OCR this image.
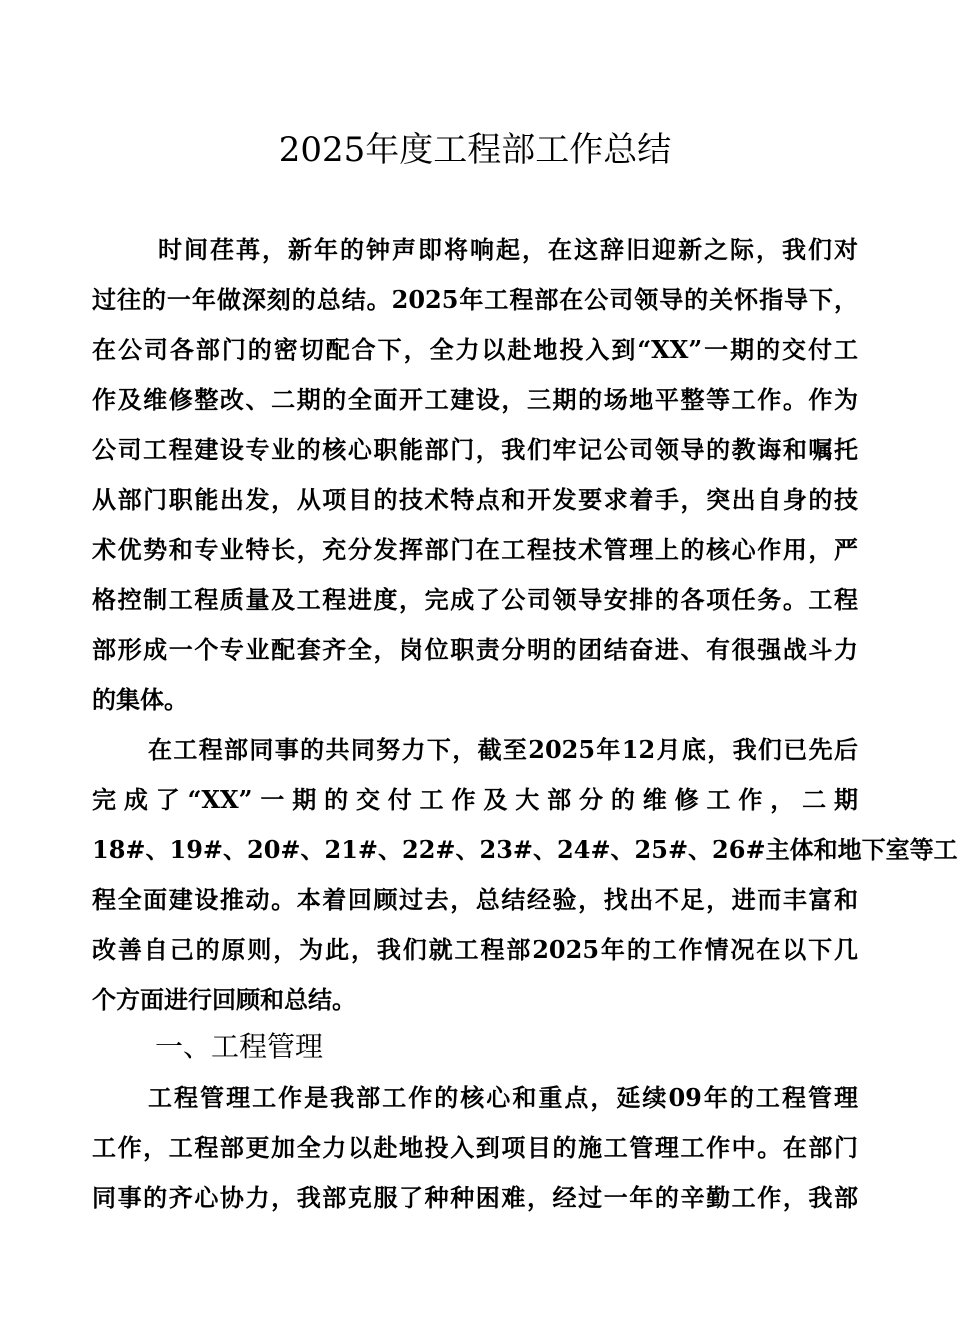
2025年度工程部工作总结
时间荏苒，新年的钟声即将响起，在这辞旧迎新之际，我们对
过往的一年做深刻的总结。2025年工程部在公司领导的关怀指导下，
在公司各部门的密切配合下，全力以赴地投入到“XX”一期的交付工
作及维修整改、二期的全面开工建设，三期的场地平整等工作。作为
公司工程建设专业的核心职能部门，我们牢记公司领导的教诲和嘱托
从部门职能出发，从项目的技术特点和开发要求着手，突出自身的技
术优势和专业特长，充分发挥部门在工程技术管理上的核心作用，严
格控制工程质量及工程进度，完成了公司领导安排的各项任务。工程
部形成一个专业配套齐全，岗位职责分明的团结奋进、有很强战斗力
的集体。
在工程部同事的共同努力下，截至2025年12月底，我们已先后
完成了“XX”一期的交付工作及大部分的维修工作，二期
18#、19#、20#、21#、22#、23#、24#、25#、26#主体和地下室等工
程全面建设推动。本着回顾过去，总结经验，找出不足，进而丰富和
改善自己的原则，为此，我们就工程部2025年的工作情况在以下几
个方面进行回顾和总结。
一、工程管理
工程管理工作是我部工作的核心和重点，延续09年的工程管理
工作，工程部更加全力以赴地投入到项目的施工管理工作中。在部门
同事的齐心协力，我部克服了种种困难，经过一年的辛勤工作，我部
